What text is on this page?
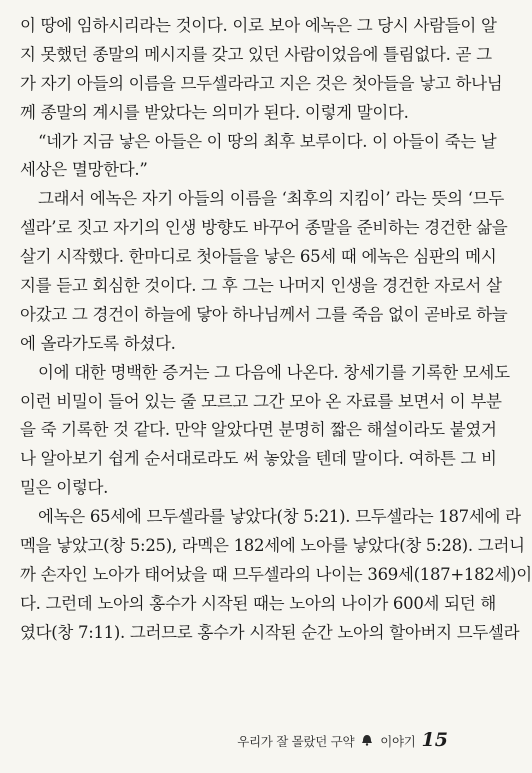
이 땅에 임하시리라는 것이다. 이로 보아 에녹은 그 당시 사람들이 알
지 못했던 종말의 메시지를 갖고 있던 사람이었음에 틀림없다. 곧 그
가 자기 아들의 이름을 므두셀라라고 지은 것은 첫아들을 낳고 하나님
께 종말의 계시를 받았다는 의미가 된다. 이렇게 말이다.
“네가 지금 낳은 아들은 이 땅의 최후 보루이다. 이 아들이 죽는 날
세상은 멸망한다.”
그래서 에녹은 자기 아들의 이름을 ‘최후의 지킴이’ 라는 뜻의 ‘므두
셀라’로 짓고 자기의 인생 방향도 바꾸어 종말을 준비하는 경건한 삶을
살기 시작했다. 한마디로 첫아들을 낳은 65세 때 에녹은 심판의 메시
지를 듣고 회심한 것이다. 그 후 그는 나머지 인생을 경건한 자로서 살
아갔고 그 경건이 하늘에 닿아 하나님께서 그를 죽음 없이 곧바로 하늘
에 올라가도록 하셨다.
이에 대한 명백한 증거는 그 다음에 나온다. 창세기를 기록한 모세도
이런 비밀이 들어 있는 줄 모르고 그간 모아 온 자료를 보면서 이 부분
을 죽 기록한 것 같다. 만약 알았다면 분명히 짧은 해설이라도 붙였거
나 알아보기 쉽게 순서대로라도 써 놓았을 텐데 말이다. 여하튼 그 비
밀은 이렇다.
에녹은 65세에 므두셀라를 낳았다(창 5:21). 므두셀라는 187세에 라
멕을 낳았고(창 5:25), 라멕은 182세에 노아를 낳았다(창 5:28). 그러니
까 손자인 노아가 태어났을 때 므두셀라의 나이는 369세(187+182세)이
다. 그런데 노아의 홍수가 시작된 때는 노아의 나이가 600세 되던 해
였다(창 7:11). 그러므로 홍수가 시작된 순간 노아의 할아버지 므두셀라
우리가 잘 몰랐던 구약 이야기 15
